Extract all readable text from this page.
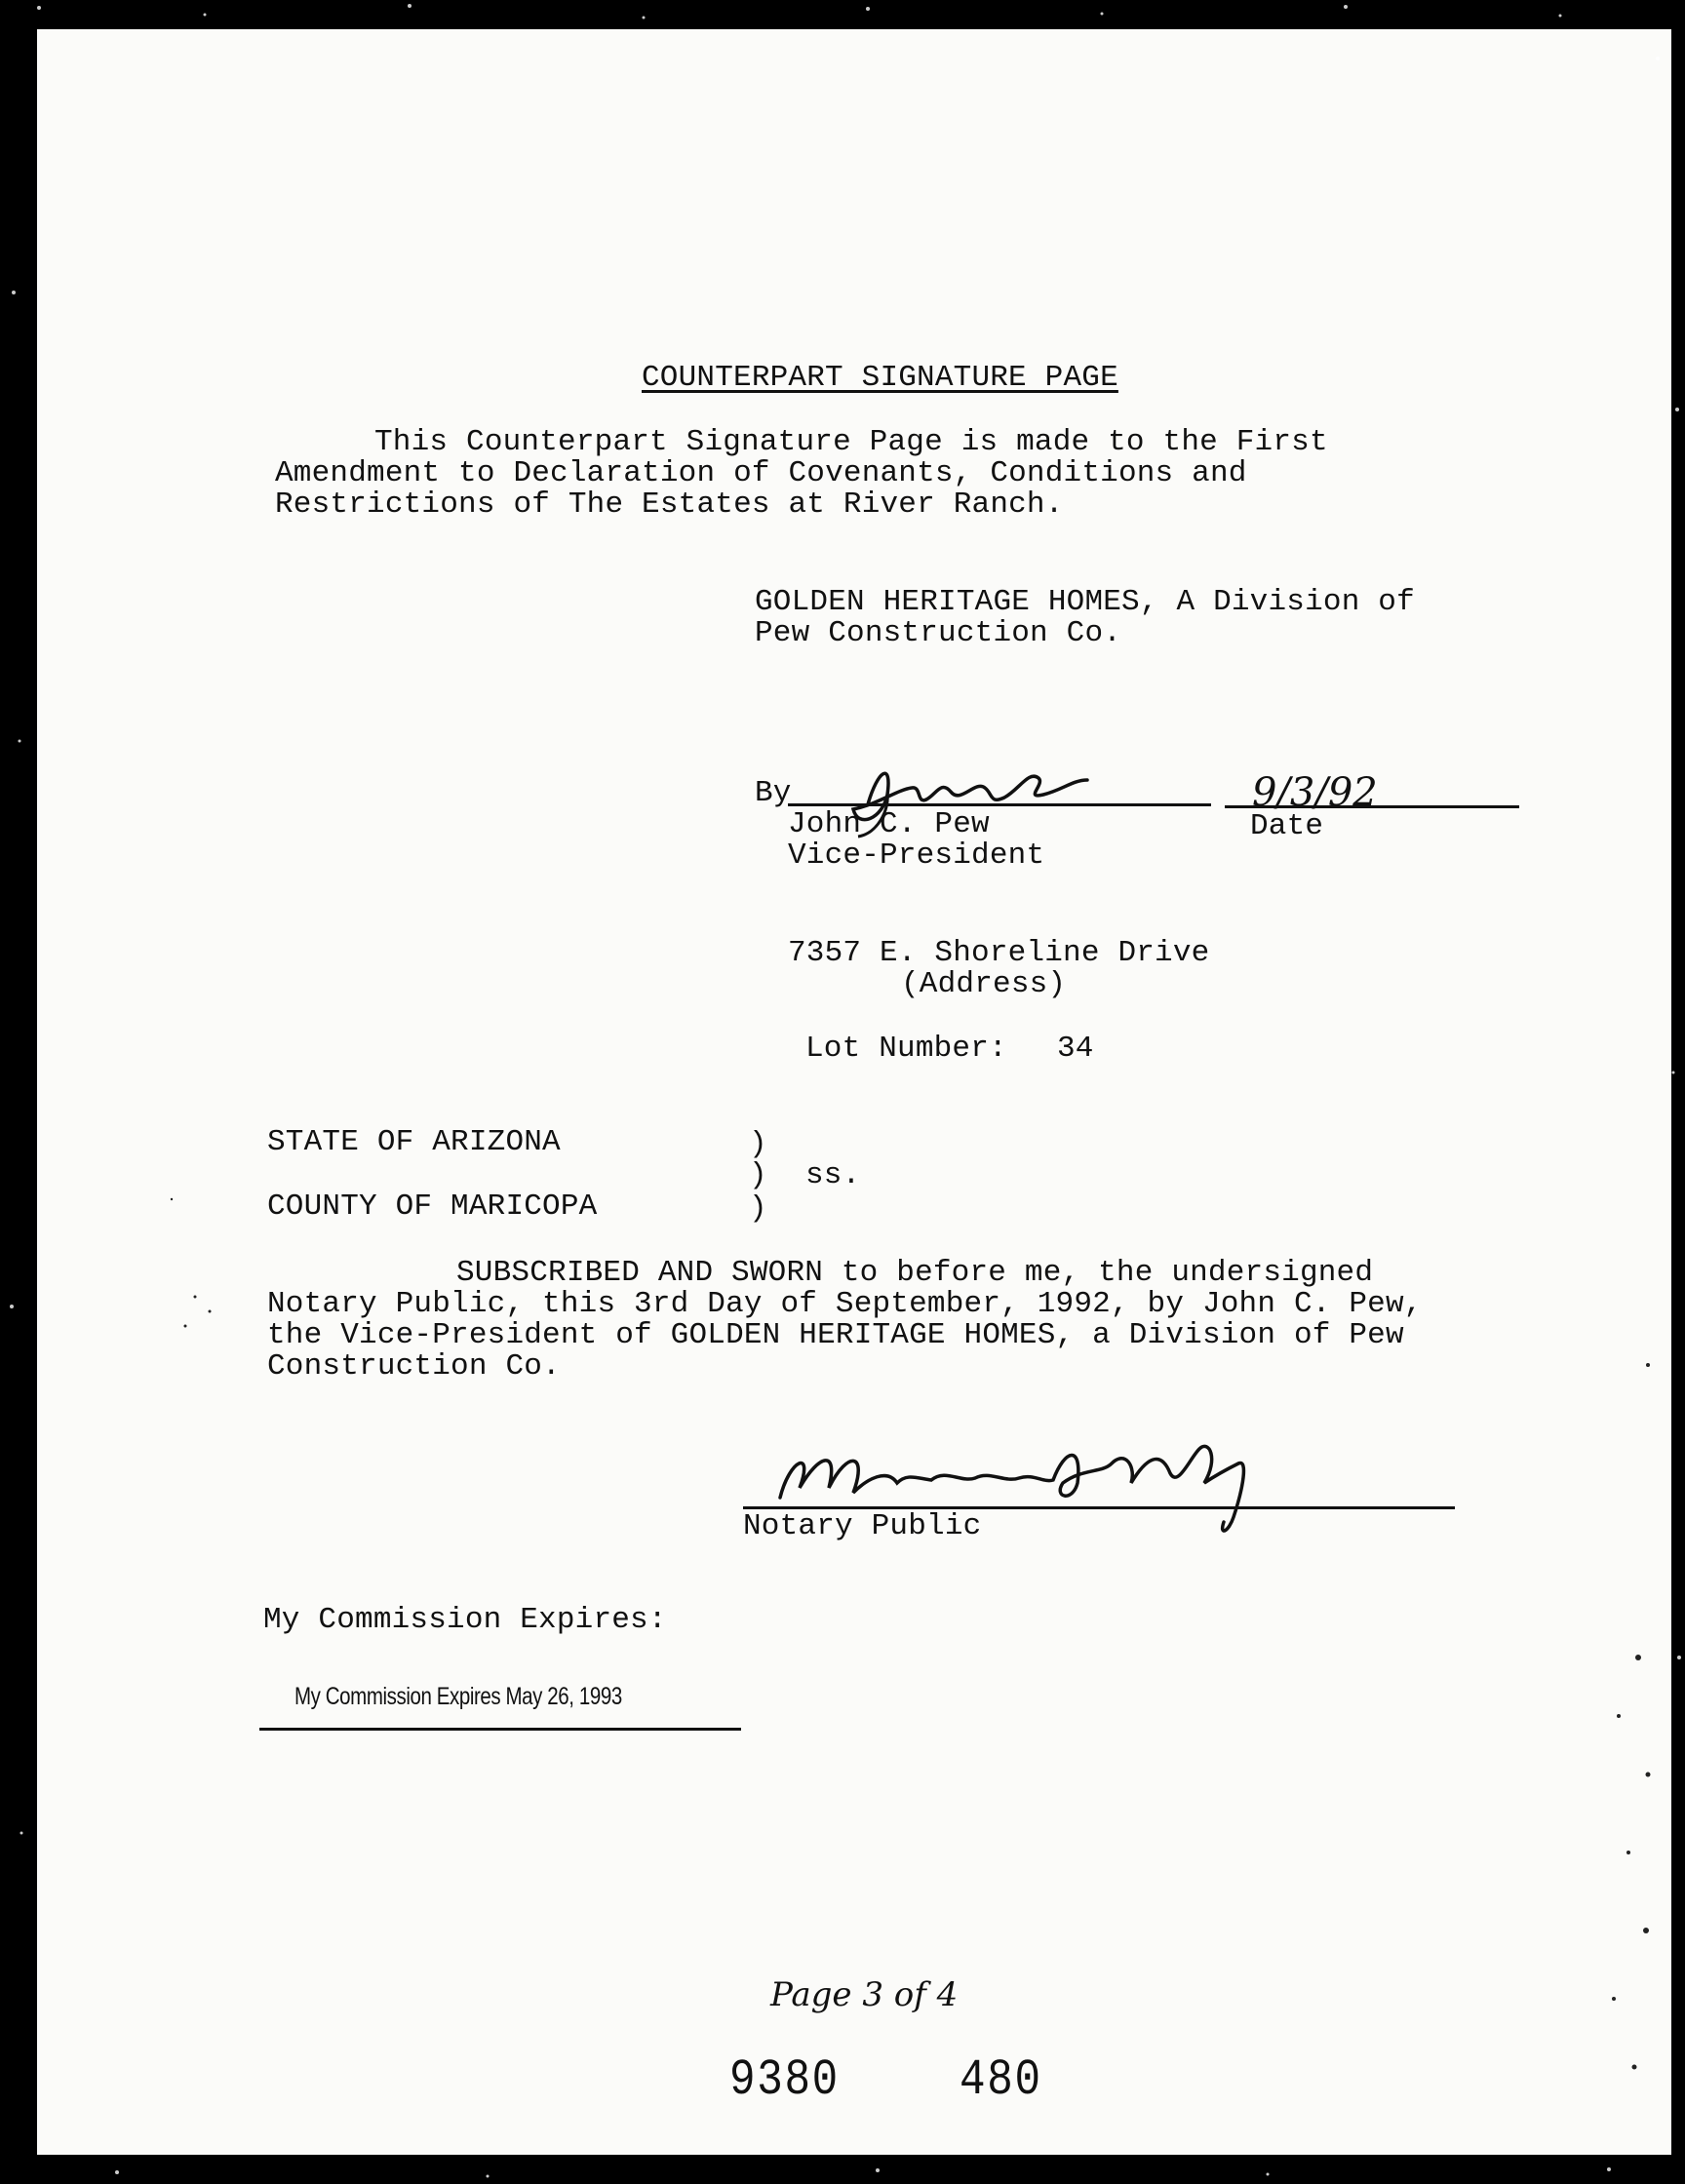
COUNTERPART SIGNATURE PAGE
This Counterpart Signature Page is made to the First
Amendment to Declaration of Covenants, Conditions and
Restrictions of The Estates at River Ranch.
GOLDEN HERITAGE HOMES, A Division of
Pew Construction Co.
By
John C. Pew
Vice-President
9/3/92
Date
7357 E. Shoreline Drive
(Address)
Lot Number: 34
STATE OF ARIZONA	)
) ss.
COUNTY OF MARICOPA	)
SUBSCRIBED AND SWORN to before me, the undersigned
Notary Public, this 3rd Day of September, 1992, by John C. Pew,
the Vice-President of GOLDEN HERITAGE HOMES, a Division of Pew
Construction Co.
Notary Public
My Commission Expires:
My Commission Expires May 26, 1993
Page 3 of 4
9380 480
